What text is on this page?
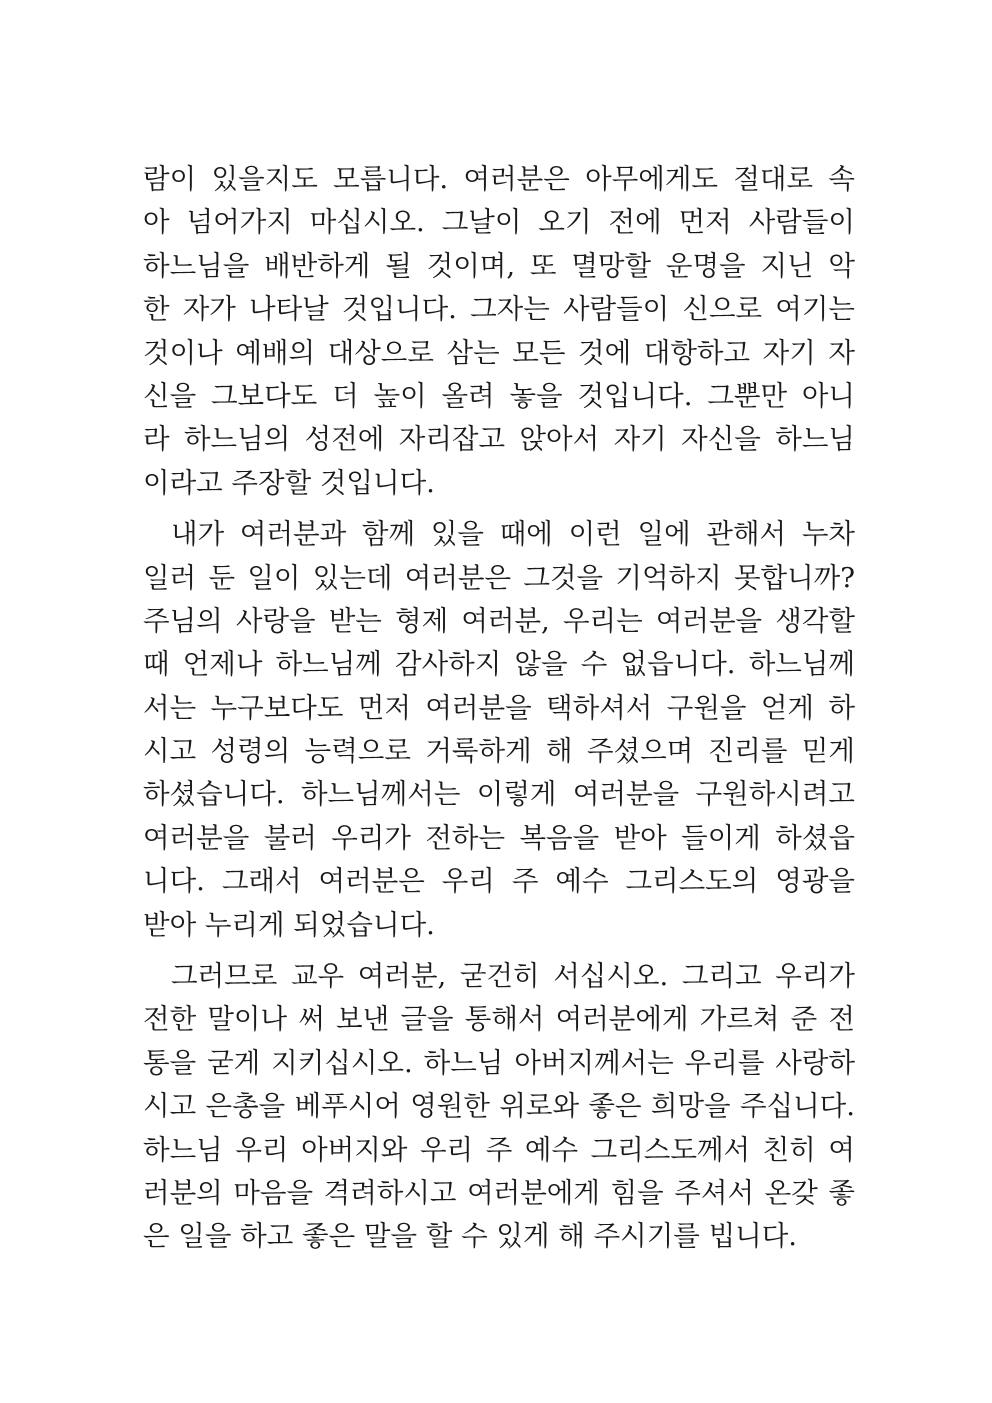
람이 있을지도 모릅니다. 여러분은 아무에게도 절대로 속
아 넘어가지 마십시오. 그날이 오기 전에 먼저 사람들이
하느님을 배반하게 될 것이며, 또 멸망할 운명을 지닌 악
한 자가 나타날 것입니다. 그자는 사람들이 신으로 여기는
것이나 예배의 대상으로 삼는 모든 것에 대항하고 자기 자
신을 그보다도 더 높이 올려 놓을 것입니다. 그뿐만 아니
라 하느님의 성전에 자리잡고 앉아서 자기 자신을 하느님
이라고 주장할 것입니다.
내가 여러분과 함께 있을 때에 이런 일에 관해서 누차
일러 둔 일이 있는데 여러분은 그것을 기억하지 못합니까?
주님의 사랑을 받는 형제 여러분, 우리는 여러분을 생각할
때 언제나 하느님께 감사하지 않을 수 없읍니다. 하느님께
서는 누구보다도 먼저 여러분을 택하셔서 구원을 얻게 하
시고 성령의 능력으로 거룩하게 해 주셨으며 진리를 믿게
하셨습니다. 하느님께서는 이렇게 여러분을 구원하시려고
여러분을 불러 우리가 전하는 복음을 받아 들이게 하셨읍
니다. 그래서 여러분은 우리 주 예수 그리스도의 영광을
받아 누리게 되었습니다.
그러므로 교우 여러분, 굳건히 서십시오. 그리고 우리가
전한 말이나 써 보낸 글을 통해서 여러분에게 가르쳐 준 전
통을 굳게 지키십시오. 하느님 아버지께서는 우리를 사랑하
시고 은총을 베푸시어 영원한 위로와 좋은 희망을 주십니다.
하느님 우리 아버지와 우리 주 예수 그리스도께서 친히 여
러분의 마음을 격려하시고 여러분에게 힘을 주셔서 온갖 좋
은 일을 하고 좋은 말을 할 수 있게 해 주시기를 빕니다.
